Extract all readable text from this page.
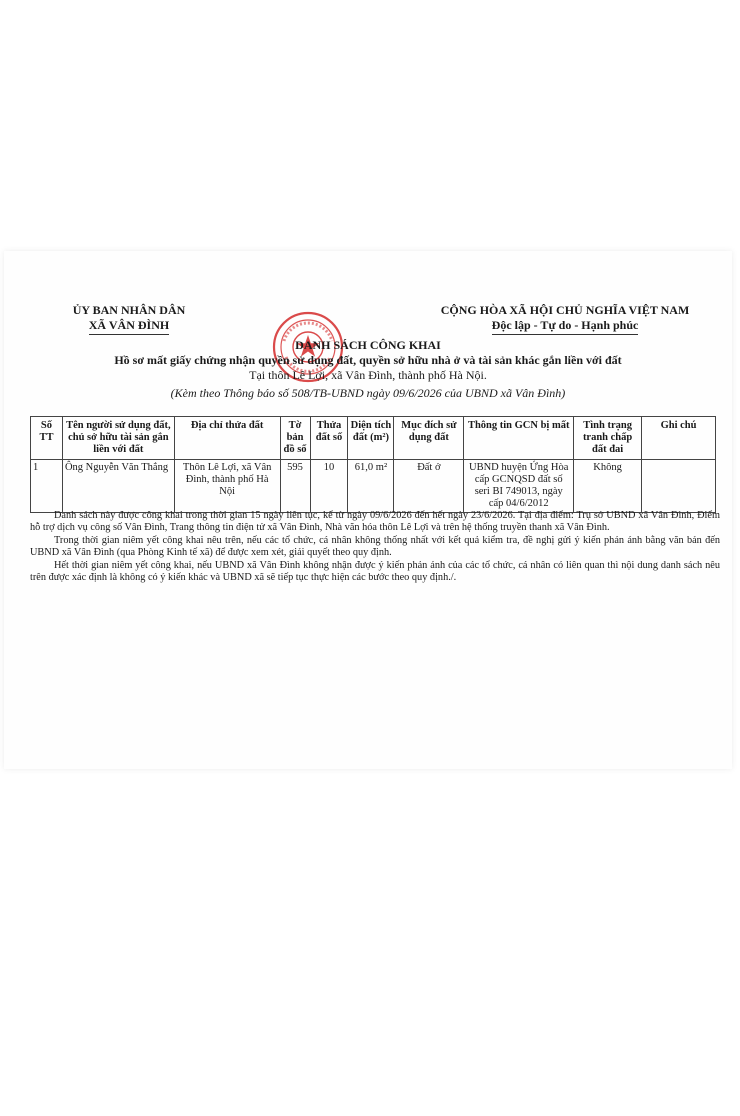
ỦY BAN NHÂN DÂN
XÃ VÂN ĐÌNH
CỘNG HÒA XÃ HỘI CHỦ NGHĨA VIỆT NAM
Độc lập - Tự do - Hạnh phúc
DANH SÁCH CÔNG KHAI
Hồ sơ mất giấy chứng nhận quyền sử dụng đất, quyền sở hữu nhà ở và tài sản khác gắn liền với đất
Tại thôn Lê Lợi, xã Vân Đình, thành phố Hà Nội.
(Kèm theo Thông báo số 508/TB-UBND ngày 09/6/2026 của UBND xã Vân Đình)
Số TT	Tên người sử dụng đất, chủ sở hữu tài sản gắn liền với đất	Địa chỉ thửa đất	Tờ bản đồ số	Thửa đất số	Diện tích đất (m²)	Mục đích sử dụng đất	Thông tin GCN bị mất	Tình trạng tranh chấp đất đai	Ghi chú
1	Ông Nguyễn Văn Thắng	Thôn Lê Lợi, xã Vân Đình, thành phố Hà Nội	595	10	61,0 m²	Đất ở	UBND huyện Ứng Hòa cấp GCNQSD đất số seri BI 749013, ngày cấp 04/6/2012	Không	

Danh sách này được công khai trong thời gian 15 ngày liên tục, kể từ ngày 09/6/2026 đến hết ngày 23/6/2026. Tại địa điểm: Trụ sở UBND xã Vân Đình, Điểm hỗ trợ dịch vụ công số Vân Đình, Trang thông tin điện tử xã Vân Đình, Nhà văn hóa thôn Lê Lợi và trên hệ thống truyền thanh xã Vân Đình.

Trong thời gian niêm yết công khai nêu trên, nếu các tổ chức, cá nhân không thống nhất với kết quả kiểm tra, đề nghị gửi ý kiến phản ánh bằng văn bản đến UBND xã Vân Đình (qua Phòng Kinh tế xã) để được xem xét, giải quyết theo quy định.

Hết thời gian niêm yết công khai, nếu UBND xã Vân Đình không nhận được ý kiến phản ánh của các tổ chức, cá nhân có liên quan thì nội dung danh sách nêu trên được xác định là không có ý kiến khác và UBND xã sẽ tiếp tục thực hiện các bước theo quy định./.
